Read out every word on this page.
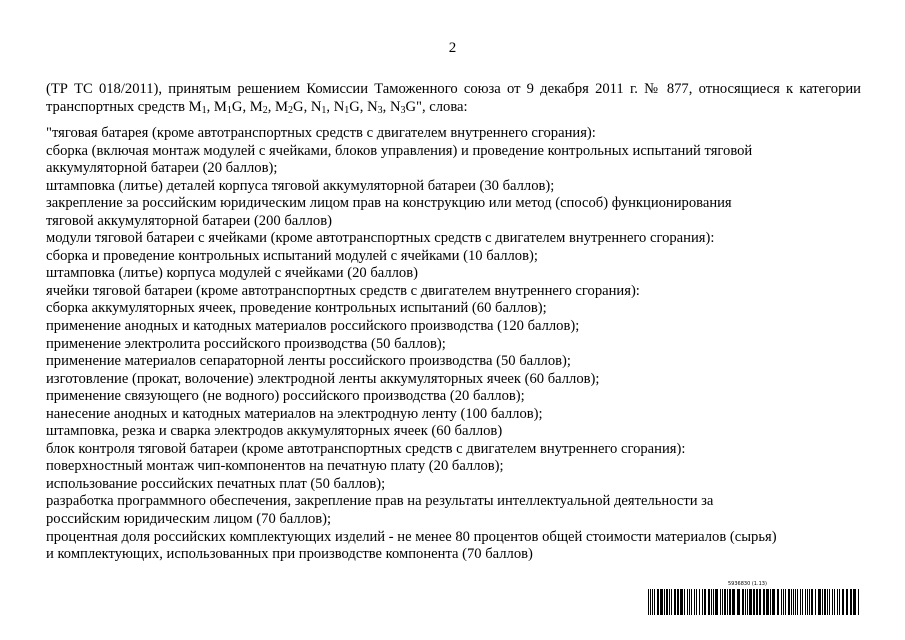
2
(ТР ТС 018/2011), принятым решением Комиссии Таможенного союза от 9 декабря 2011 г. № 877, относящиеся к категории
транспортных средств $М_1$, $М_1G$, $М_2$, $М_2G$, $N_1$, $N_1G$, $N_3$, $N_3G$", слова:
"тяговая батарея (кроме автотранспортных средств с двигателем внутреннего сгорания):
сборка (включая монтаж модулей с ячейками, блоков управления) и проведение контрольных испытаний тяговой
аккумуляторной батареи (20 баллов);
штамповка (литье) деталей корпуса тяговой аккумуляторной батареи (30 баллов);
закрепление за российским юридическим лицом прав на конструкцию или метод (способ) функционирования
тяговой аккумуляторной батареи (200 баллов)
модули тяговой батареи с ячейками (кроме автотранспортных средств с двигателем внутреннего сгорания):
сборка и проведение контрольных испытаний модулей с ячейками (10 баллов);
штамповка (литье) корпуса модулей с ячейками (20 баллов)
ячейки тяговой батареи (кроме автотранспортных средств с двигателем внутреннего сгорания):
сборка аккумуляторных ячеек, проведение контрольных испытаний (60 баллов);
применение анодных и катодных материалов российского производства (120 баллов);
применение электролита российского производства (50 баллов);
применение материалов сепараторной ленты российского производства (50 баллов);
изготовление (прокат, волочение) электродной ленты аккумуляторных ячеек (60 баллов);
применение связующего (не водного) российского производства (20 баллов);
нанесение анодных и катодных материалов на электродную ленту (100 баллов);
штамповка, резка и сварка электродов аккумуляторных ячеек (60 баллов)
блок контроля тяговой батареи (кроме автотранспортных средств с двигателем внутреннего сгорания):
поверхностный монтаж чип-компонентов на печатную плату (20 баллов);
использование российских печатных плат (50 баллов);
разработка программного обеспечения, закрепление прав на результаты интеллектуальной деятельности за
российским юридическим лицом (70 баллов);
процентная доля российских комплектующих изделий - не менее 80 процентов общей стоимости материалов (сырья)
и комплектующих, использованных при производстве компонента (70 баллов)
5936830 (1.13)
